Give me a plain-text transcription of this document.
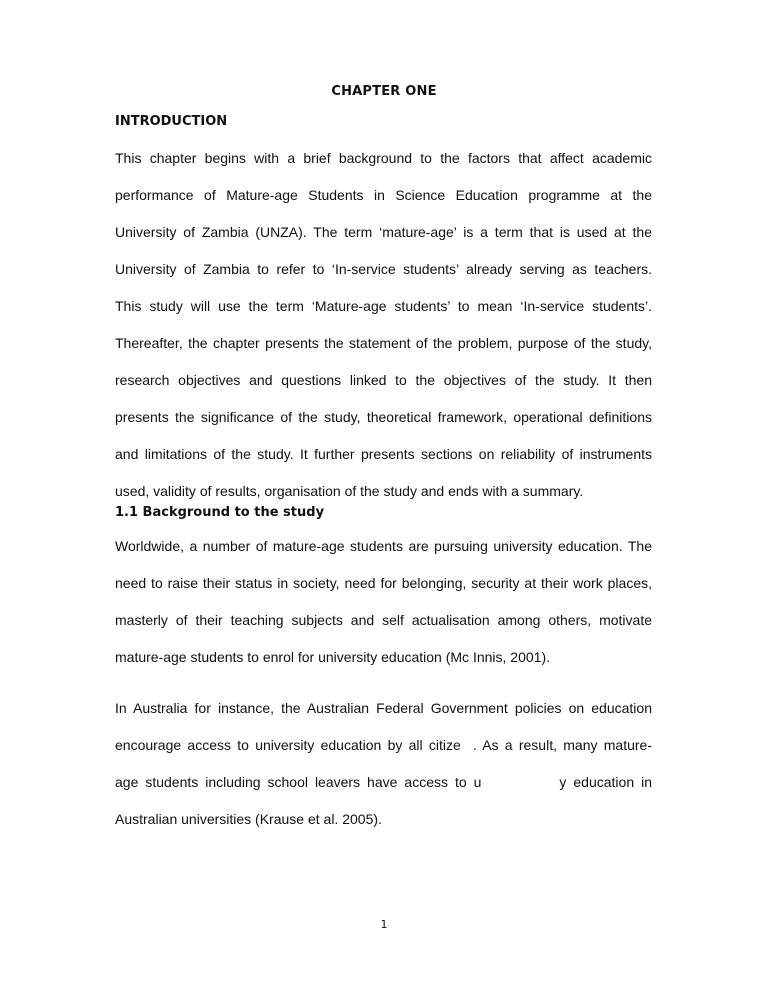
CHAPTER ONE
INTRODUCTION
This chapter begins with a brief background to the factors that affect academic
performance of Mature-age Students in Science Education programme at the
University of Zambia (UNZA). The term ‘mature-age’ is a term that is used at the
University of Zambia to refer to ‘In-service students’ already serving as teachers.
This study will use the term ‘Mature-age students’ to mean ‘In-service students’.
Thereafter, the chapter presents the statement of the problem, purpose of the study,
research objectives and questions linked to the objectives of the study. It then
presents the significance of the study, theoretical framework, operational definitions
and limitations of the study. It further presents sections on reliability of instruments
used, validity of results, organisation of the study and ends with a summary.
1.1 Background to the study
Worldwide, a number of mature-age students are pursuing university education. The
need to raise their status in society, need for belonging, security at their work places,
masterly of their teaching subjects and self actualisation among others, motivate
mature-age students to enrol for university education (Mc Innis, 2001).
In Australia for instance, the Australian Federal Government policies on education
encourage access to university education by all citize . As a result, many mature-
age students including school leavers have access to u	y education in
Australian universities (Krause et al. 2005).
1
